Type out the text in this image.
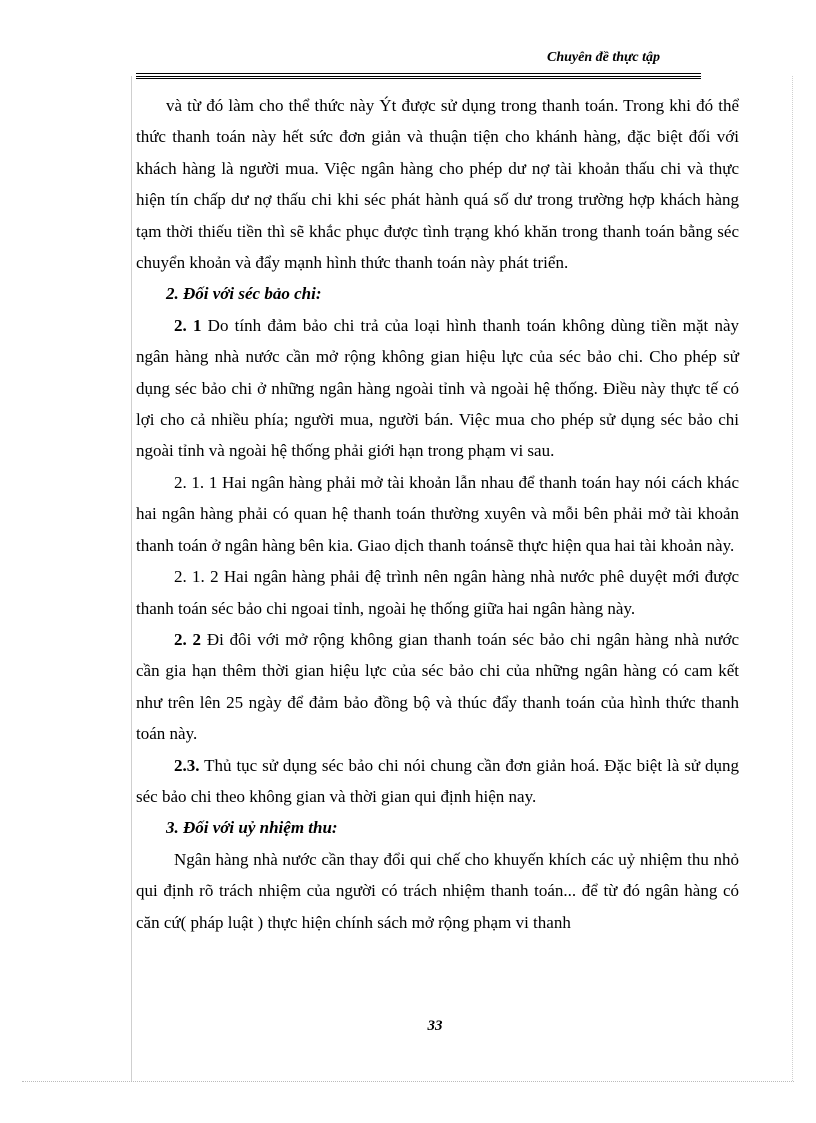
Chuyên đề thực tập

và từ đó làm cho thể thức này Ýt được sử dụng trong thanh toán. Trong khi đó thể thức thanh toán này hết sức đơn giản và thuận tiện cho khánh hàng, đặc biệt đối với khách hàng là người mua. Việc ngân hàng cho phép dư nợ tài khoản thấu chi và thực hiện tín chấp dư nợ thấu chi khi séc phát hành quá số dư trong trường hợp khách hàng tạm thời thiếu tiền thì sẽ khắc phục được tình trạng khó khăn trong thanh toán bằng séc chuyển khoản và đẩy mạnh hình thức thanh toán này phát triển.

2. Đối với séc bảo chi:

2. 1 Do tính đảm bảo chi trả của loại hình thanh toán không dùng tiền mặt này ngân hàng nhà nước cần mở rộng không gian hiệu lực của séc bảo chi. Cho phép sử dụng séc bảo chi ở những ngân hàng ngoài tỉnh và ngoài hệ thống. Điều này thực tế có lợi cho cả nhiều phía; người mua, người bán. Việc mua cho phép sử dụng séc bảo chi ngoài tỉnh và ngoài hệ thống phải giới hạn trong phạm vi sau.

2. 1. 1 Hai ngân hàng phải mở tài khoản lẫn nhau để thanh toán hay nói cách khác hai ngân hàng phải có quan hệ thanh toán thường xuyên và mỗi bên phải mở tài khoản thanh toán ở ngân hàng bên kia. Giao dịch thanh toánsẽ thực hiện qua hai tài khoản này.

2. 1. 2 Hai ngân hàng phải đệ trình nên ngân hàng nhà nước phê duyệt mới được thanh toán séc bảo chi ngoai tỉnh, ngoài hẹ thống giữa hai ngân hàng này.

2. 2 Đi đôi với mở rộng không gian thanh toán séc bảo chi ngân hàng nhà nước cần gia hạn thêm thời gian hiệu lực của séc bảo chi của những ngân hàng có cam kết như trên lên 25 ngày để đảm bảo đồng bộ và thúc đẩy thanh toán của hình thức thanh toán này.

2.3. Thủ tục sử dụng séc bảo chi nói chung cần đơn giản hoá. Đặc biệt là sử dụng séc bảo chi theo không gian và thời gian qui định hiện nay.

3. Đối với uỷ nhiệm thu:

Ngân hàng nhà nước cần thay đổi qui chế cho khuyến khích các uỷ nhiệm thu nhỏ qui định rõ trách nhiệm của người có trách nhiệm thanh toán... để từ đó ngân hàng có căn cứ( pháp luật ) thực hiện chính sách mở rộng phạm vi thanh

33
